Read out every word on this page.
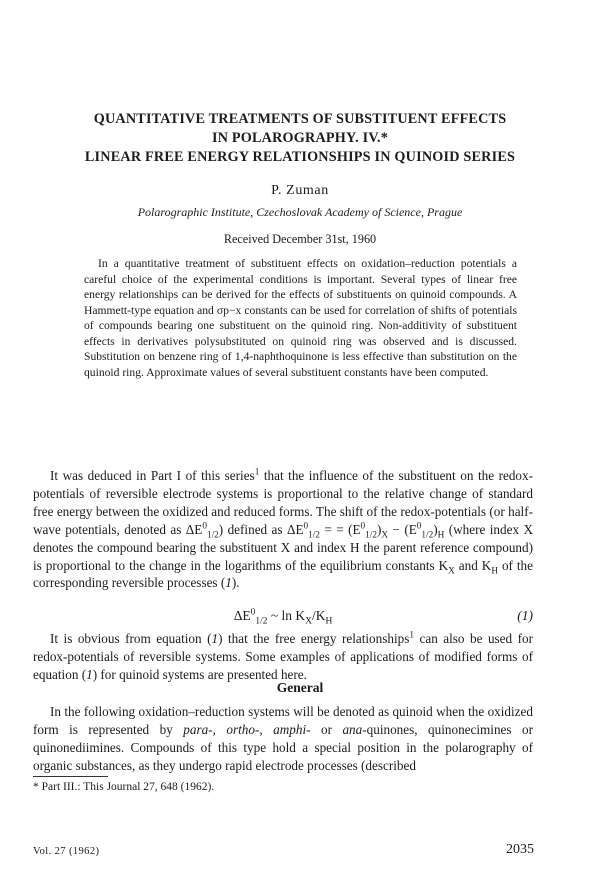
QUANTITATIVE TREATMENTS OF SUBSTITUENT EFFECTS
IN POLAROGRAPHY. IV.*
LINEAR FREE ENERGY RELATIONSHIPS IN QUINOID SERIES
P. Zuman
Polarographic Institute, Czechoslovak Academy of Science, Prague
Received December 31st, 1960

In a quantitative treatment of substituent effects on oxidation–reduction potentials a careful choice of the experimental conditions is important. Several types of linear free energy relationships can be derived for the effects of substituents on quinoid compounds. A Hammett-type equation and σp−x constants can be used for correlation of shifts of potentials of compounds bearing one substituent on the quinoid ring. Non-additivity of substituent effects in derivatives polysubstituted on quinoid ring was observed and is discussed. Substitution on benzene ring of 1,4-naphthoquinone is less effective than substitution on the quinoid ring. Approximate values of several substituent constants have been computed.

It was deduced in Part I of this series$^1$ that the influence of the substituent on the redox-potentials of reversible electrode systems is proportional to the relative change of standard free energy between the oxidized and reduced forms. The shift of the redox-potentials (or half-wave potentials, denoted as $\Delta E^0_{1/2}$) defined as $\Delta E^0_{1/2}$ = = $(E^0_{1/2})_X - (E^0_{1/2})_H$ (where index X denotes the compound bearing the substituent X and index H the parent reference compound) is proportional to the change in the logarithms of the equilibrium constants $K_X$ and $K_H$ of the corresponding reversible processes (1).

$\Delta E^0_{1/2}$ ~ $\ln K_X/K_H$	(1)

It is obvious from equation (1) that the free energy relationships$^1$ can also be used for redox-potentials of reversible systems. Some examples of applications of modified forms of equation (1) for quinoid systems are presented here.

General

In the following oxidation–reduction systems will be denoted as quinoid when the oxidized form is represented by para-, ortho-, amphi- or ana-quinones, quinonecimines or quinonediimines. Compounds of this type hold a special position in the polarography of organic substances, as they undergo rapid electrode processes (described

* Part III.: This Journal 27, 648 (1962).
Vol. 27 (1962)	2035
